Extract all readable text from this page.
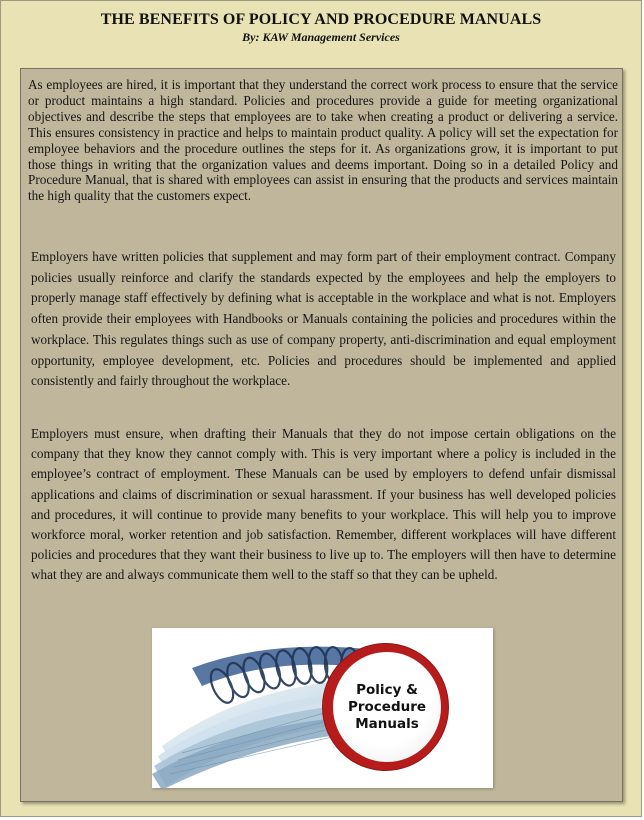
THE BENEFITS OF POLICY AND PROCEDURE MANUALS
By: KAW Management Services

As employees are hired, it is important that they understand the correct work process to ensure that the service or product maintains a high standard. Policies and procedures provide a guide for meeting organizational objectives and describe the steps that employees are to take when creating a product or delivering a service. This ensures consistency in practice and helps to maintain product quality. A policy will set the expectation for employee behaviors and the procedure outlines the steps for it. As organizations grow, it is important to put those things in writing that the organization values and deems important. Doing so in a detailed Policy and Procedure Manual, that is shared with employees can assist in ensuring that the products and services maintain the high quality that the customers expect.

Employers have written policies that supplement and may form part of their employment contract. Company policies usually reinforce and clarify the standards expected by the employees and help the employers to properly manage staff effectively by defining what is acceptable in the workplace and what is not. Employers often provide their employees with Handbooks or Manuals containing the policies and procedures within the workplace. This regulates things such as use of company property, anti-discrimination and equal employment opportunity, employee development, etc. Policies and procedures should be implemented and applied consistently and fairly throughout the workplace.

Employers must ensure, when drafting their Manuals that they do not impose certain obligations on the company that they know they cannot comply with. This is very important where a policy is included in the employee’s contract of employment. These Manuals can be used by employers to defend unfair dismissal applications and claims of discrimination or sexual harassment. If your business has well developed policies and procedures, it will continue to provide many benefits to your workplace. This will help you to improve workforce moral, worker retention and job satisfaction. Remember, different workplaces will have different policies and procedures that they want their business to live up to. The employers will then have to determine what they are and always communicate them well to the staff so that they can be upheld.

Policy &
Procedure
Manuals
